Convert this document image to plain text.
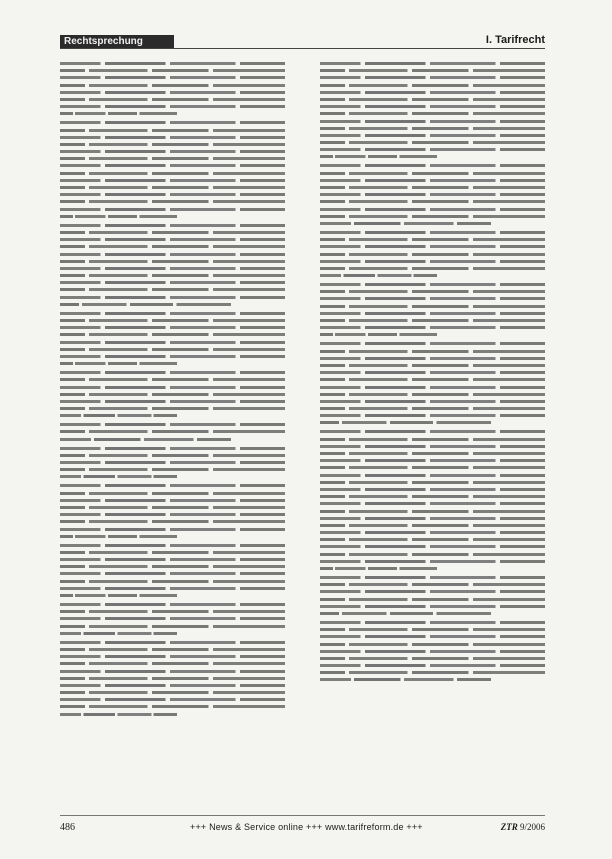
Rechtsprechung	I. Tarifrecht
486	+++ News & Service online +++ www.tarifreform.de +++	ZTR 9/2006
